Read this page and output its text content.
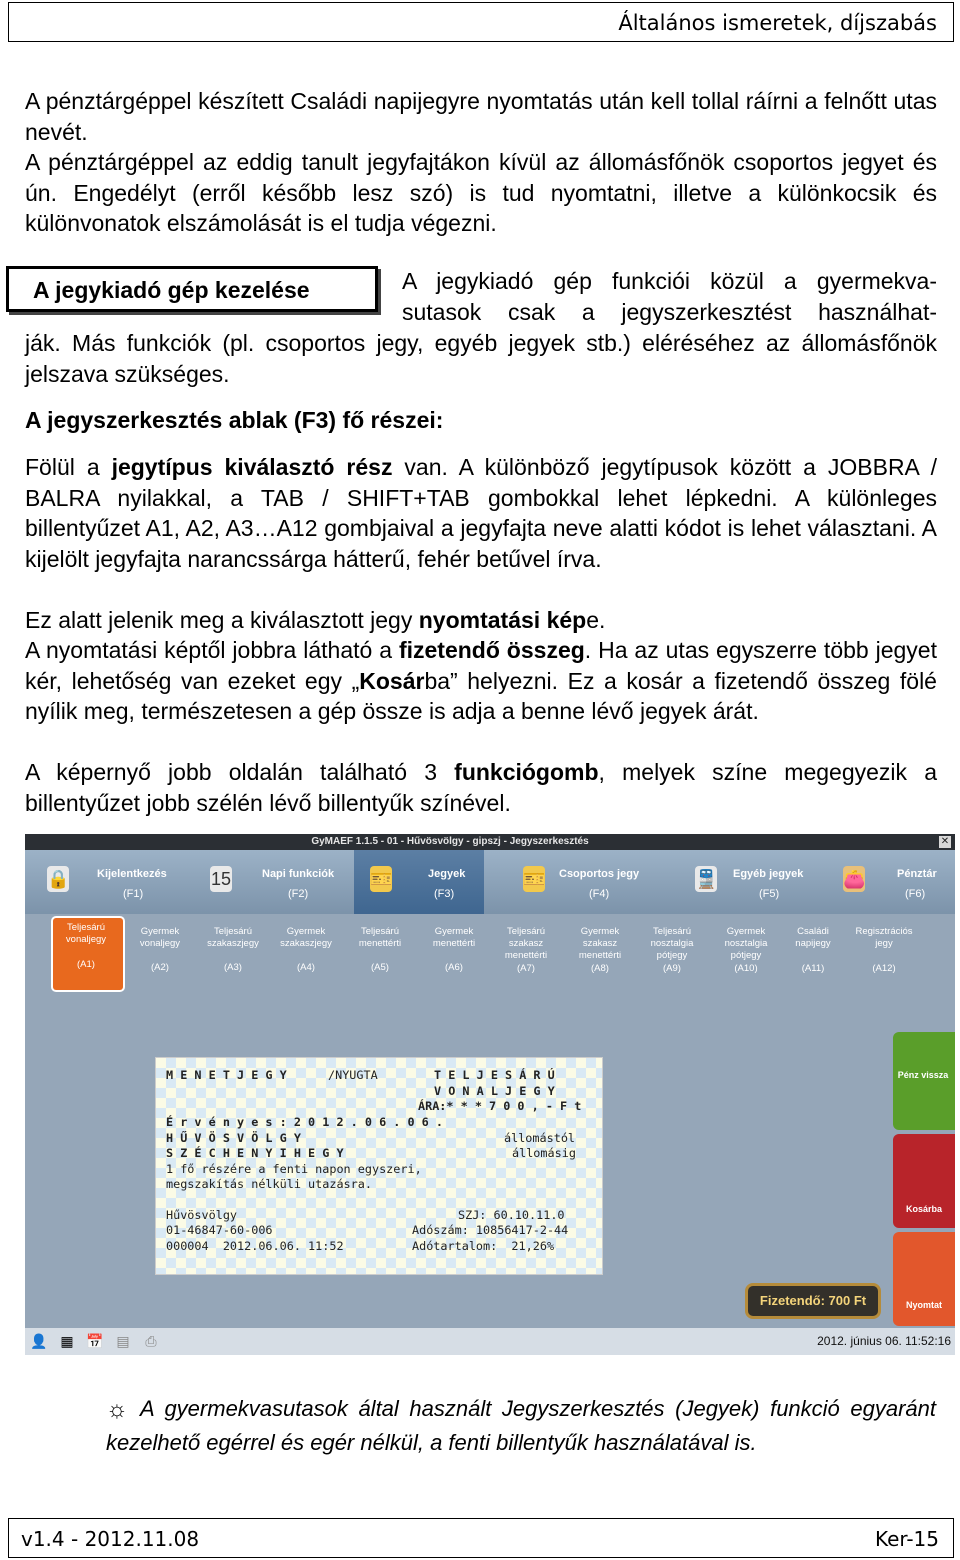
Általános ismeretek, díjszabás
A pénztárgéppel készített Családi napijegyre nyomtatás után kell tollal ráírni a felnőtt utas nevét.
A pénztárgéppel az eddig tanult jegyfajtákon kívül az állomásfőnök csoportos jegyet és ún. Engedélyt (erről később lesz szó) is tud nyomtatni, illetve a különkocsik és különvonatok elszámolását is el tudja végezni.
A jegykiadó gép kezelése	A jegykiadó gép funkciói közül a gyermekva-
sutasok csak a jegyszerkesztést használhat-
ják. Más funkciók (pl. csoportos jegy, egyéb jegyek stb.) eléréséhez az állomásfőnök jelszava szükséges.
A jegyszerkesztés ablak (F3) fő részei:
Fölül a jegytípus kiválasztó rész van. A különböző jegytípusok között a JOBBRA / BALRA nyilakkal, a TAB / SHIFT+TAB gombokkal lehet lépkedni. A különleges billentyűzet A1, A2, A3…A12 gombjaival a jegyfajta neve alatti kódot is lehet választani. A kijelölt jegyfajta narancssárga hátterű, fehér betűvel írva.
Ez alatt jelenik meg a kiválasztott jegy nyomtatási képe.
A nyomtatási képtől jobbra látható a fizetendő összeg. Ha az utas egyszerre több jegyet kér, lehetőség van ezeket egy „Kosárba” helyezni. Ez a kosár a fizetendő összeg fölé nyílik meg, természetesen a gép össze is adja a benne lévő jegyek árát.
A képernyő jobb oldalán található 3 funkciógomb, melyek színe megegyezik a billentyűzet jobb szélén lévő billentyűk színével.
GyMAEF 1.1.5 - 01 - Hűvösvölgy - gipszj - Jegyszerkesztés	✕
🔒	Kijelentkezés
(F1)
15	Napi funkciók
(F2)
🎫	Jegyek
(F3)
🎫 Csoportos jegy
(F4)
🚆 Egyéb jegyek
(F5)
👛	Pénztár
(F6)
Teljesárú vonaljegy
(A1)
Gyermek vonaljegy
(A2)
Teljesárú szakaszjegy
(A3)
Gyermek szakaszjegy
(A4)
Teljesárú menettérti
(A5)
Gyermek menettérti
(A6)
Teljesárú szakasz menettérti
(A7)
Gyermek szakasz menettérti
(A8)
Teljesárú nosztalgia pótjegy
(A9)
Gyermek nosztalgia pótjegy
(A10)
Családi napijegy
(A11)
Regisztrációs jegy
(A12)
M E N E T J E G Y	/NYUGTA	T E L J E S Á R Ú
V O N A L J E G Y
ÁRA:* * * 7 0 0 , - F t
É r v é n y e s : 2 0 1 2 . 0 6 . 0 6 .
H Ű V Ö S V Ö L G Y	állomástól
S Z É C H E N Y I H E G Y	állomásig
1 fő részére a fenti napon egyszeri,
megszakítás nélküli utazásra.
Hűvösvölgy	SZJ: 60.10.11.0
01-46847-60-006	Adószám: 10856417-2-44
000004  2012.06.06. 11:52	Adótartalom:  21,26%
Pénz vissza
Kosárba
Nyomtat
Fizetendő: 700 Ft
👤 ▦ 📅 ▤	⎙	2012. június 06. 11:52:16
☼ A gyermekvasutasok által használt Jegyszerkesztés (Jegyek) funkció egyaránt kezelhető egérrel és egér nélkül, a fenti billentyűk használatával is.
v1.4 - 2012.11.08	Ker-15
